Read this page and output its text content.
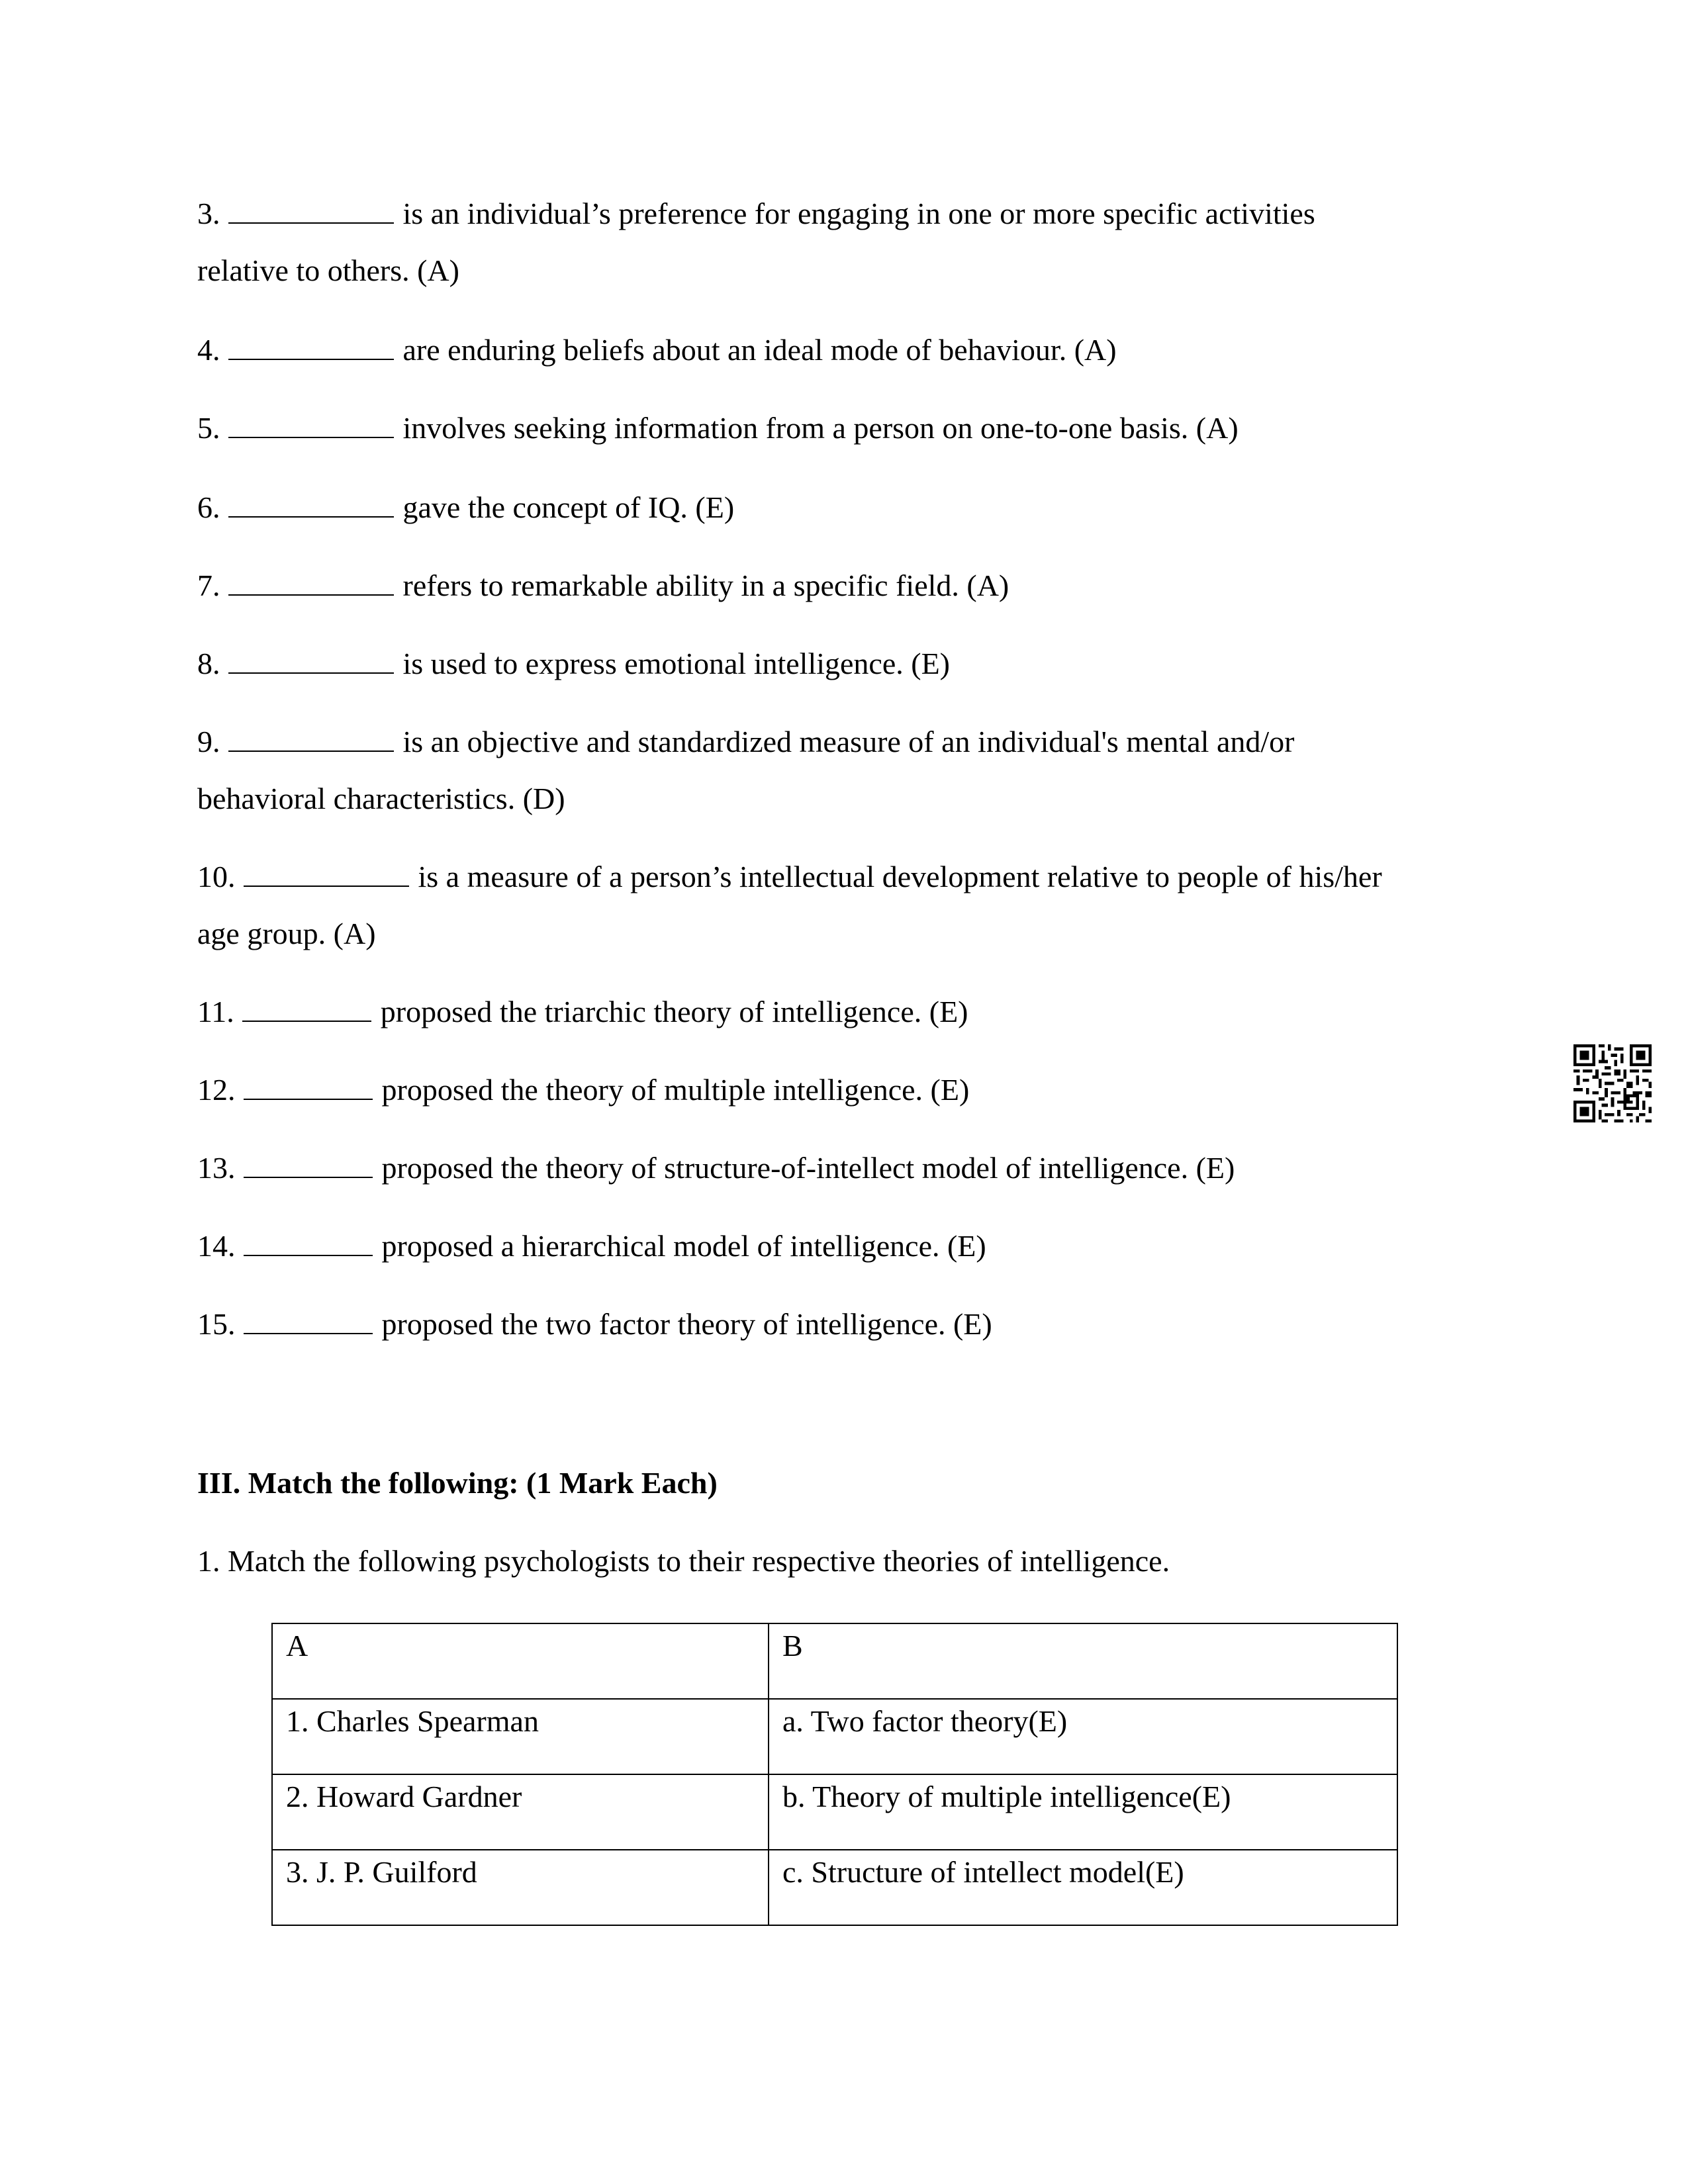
3.	is an individual’s preference for engaging in one or more specific activities
relative to others. (A)
4.	are enduring beliefs about an ideal mode of behaviour. (A)
5.	involves seeking information from a person on one-to-one basis. (A)
6.	gave the concept of IQ. (E)
7.	refers to remarkable ability in a specific field. (A)
8.	is used to express emotional intelligence. (E)
9.	is an objective and standardized measure of an individual's mental and/or
behavioral characteristics. (D)
10.	is a measure of a person’s intellectual development relative to people of his/her
age group. (A)
11.	proposed the triarchic theory of intelligence. (E)
12.	proposed the theory of multiple intelligence. (E)
13.	proposed the theory of structure-of-intellect model of intelligence. (E)
14.	proposed a hierarchical model of intelligence. (E)
15.	proposed the two factor theory of intelligence. (E)
III. Match the following: (1 Mark Each)
1. Match the following psychologists to their respective theories of intelligence.
A	B
1. Charles Spearman	a. Two factor theory(E)
2. Howard Gardner	b. Theory of multiple intelligence(E)
3. J. P. Guilford	c. Structure of intellect model(E)
